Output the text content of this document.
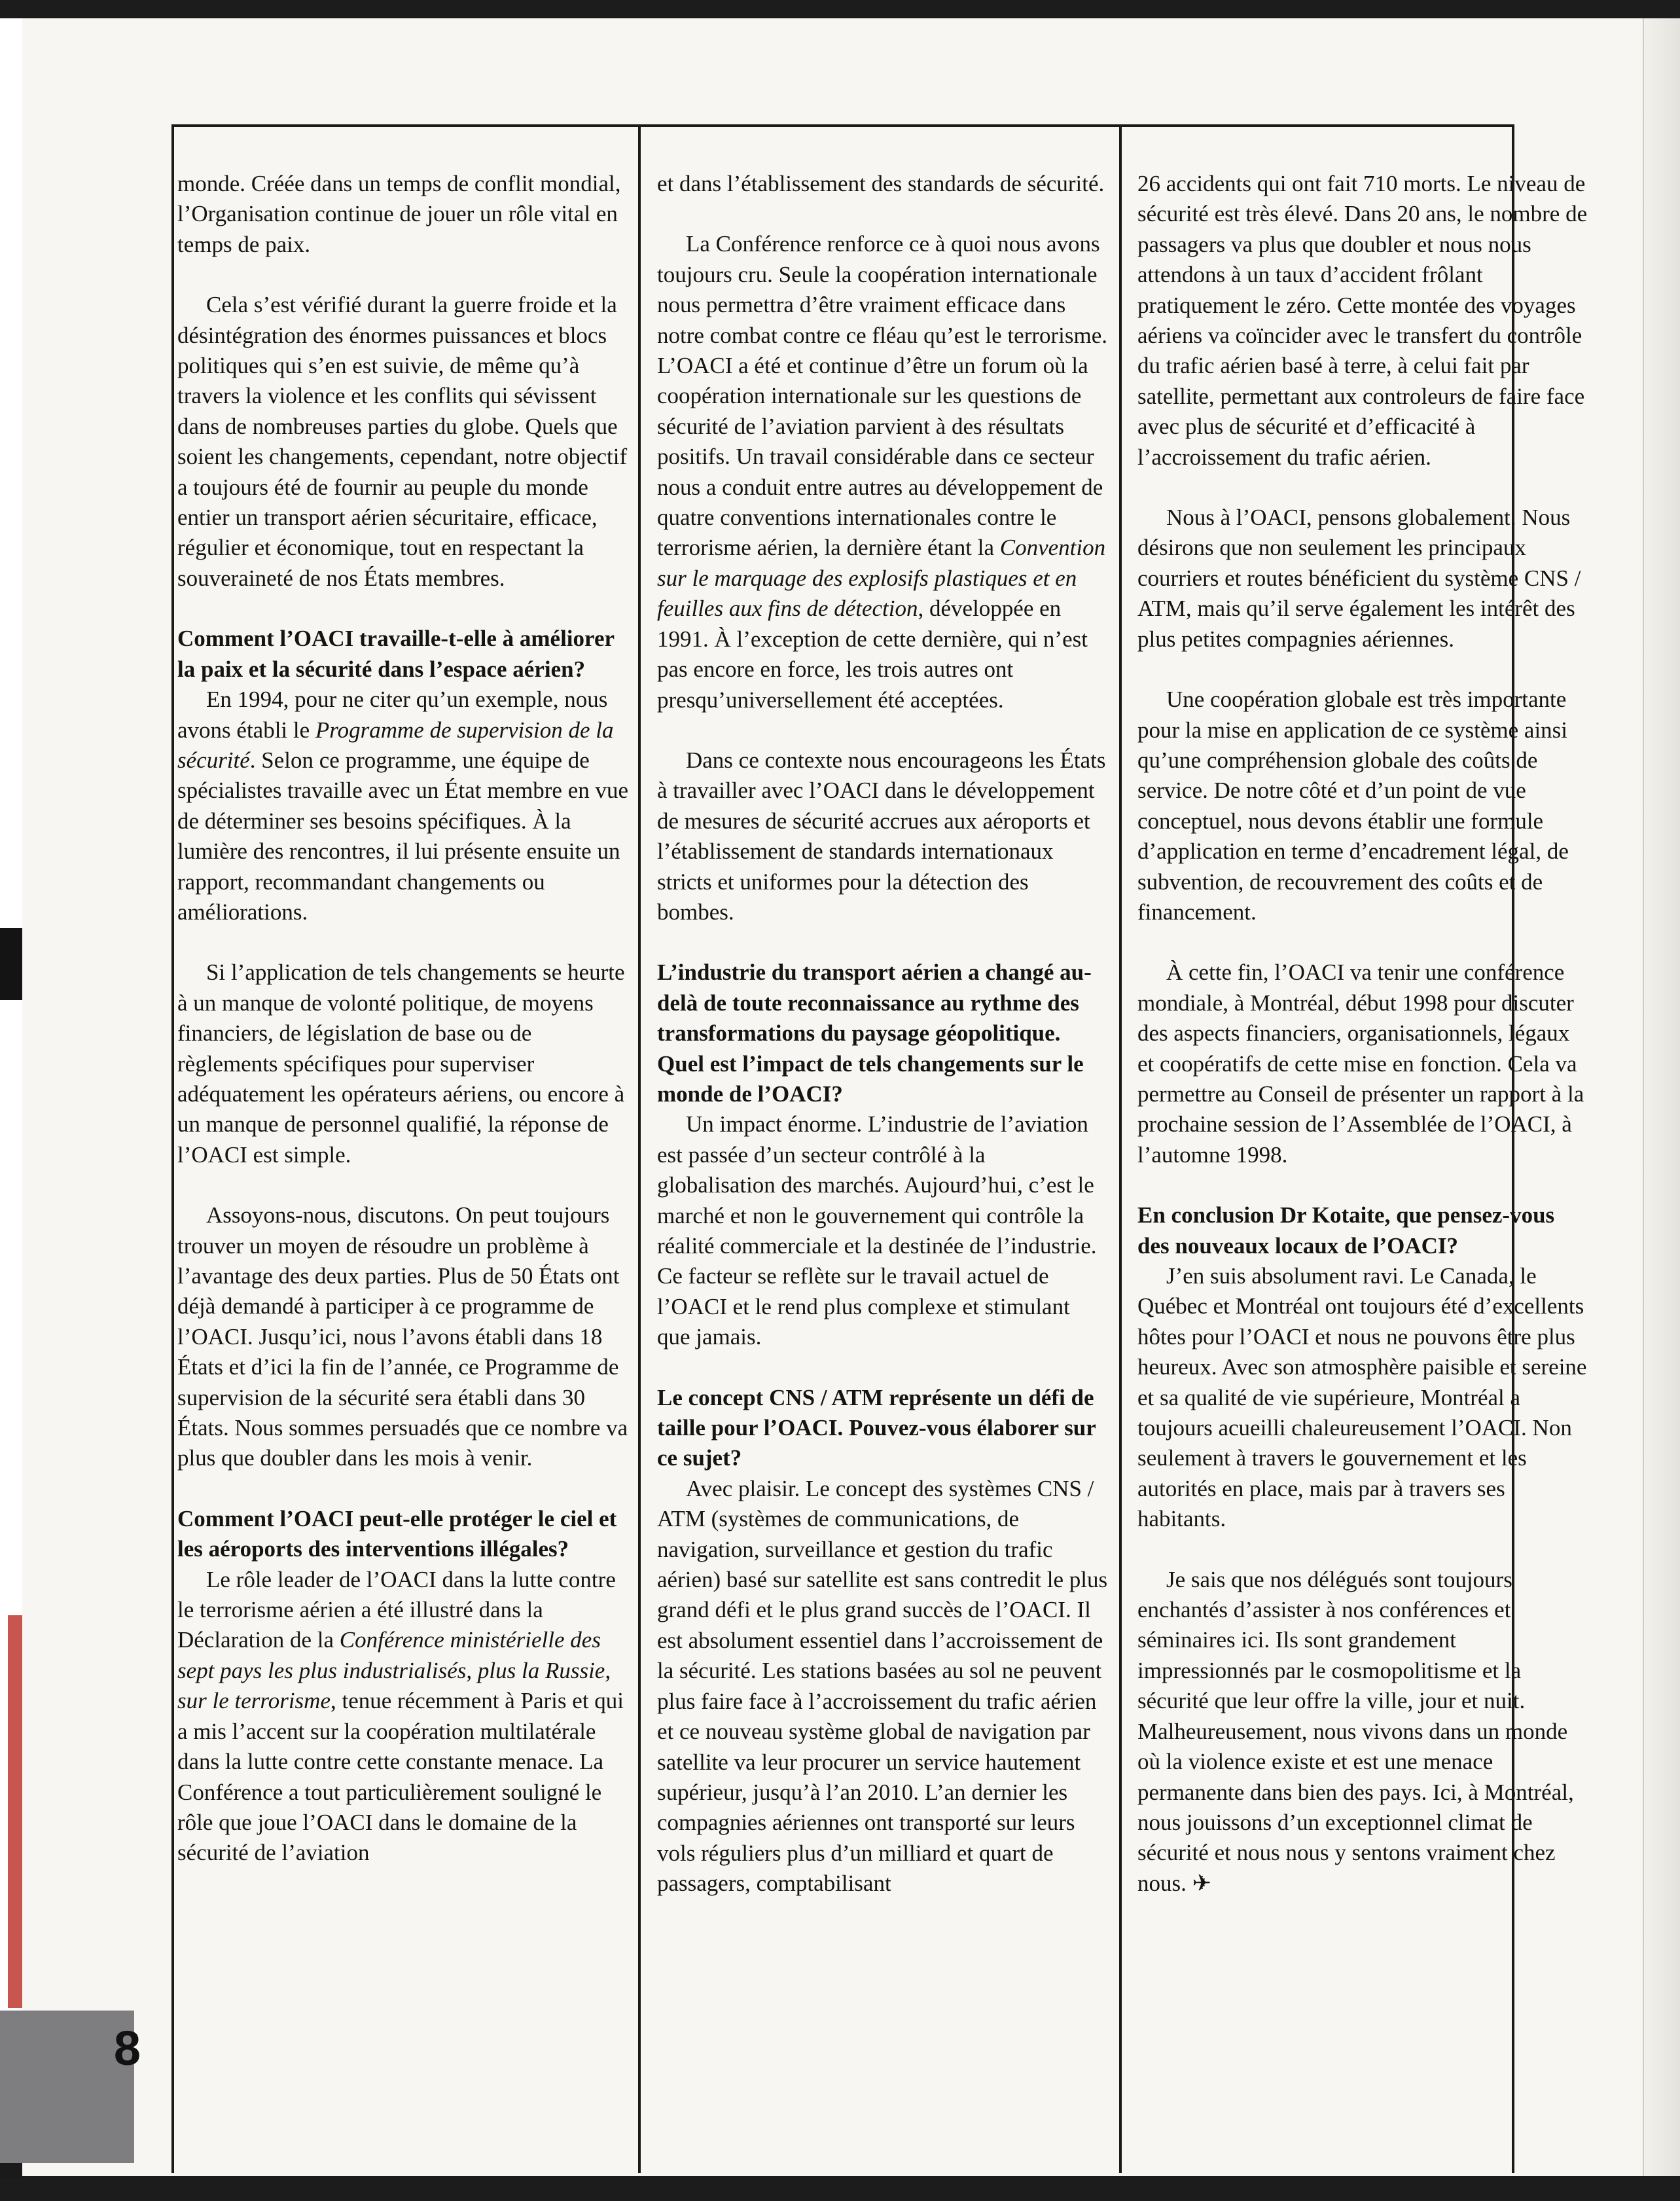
monde. Créée dans un temps de conflit mondial, l’Organisation continue de jouer un rôle vital en temps de paix.

Cela s’est vérifié durant la guerre froide et la désintégration des énormes puissances et blocs politiques qui s’en est suivie, de même qu’à travers la violence et les conflits qui sévissent dans de nombreuses parties du globe. Quels que soient les changements, cependant, notre objectif a toujours été de fournir au peuple du monde entier un transport aérien sécuritaire, efficace, régulier et économique, tout en respectant la souveraineté de nos États membres.

Comment l’OACI travaille-t-elle à améliorer la paix et la sécurité dans l’espace aérien?

En 1994, pour ne citer qu’un exemple, nous avons établi le Programme de supervision de la sécurité. Selon ce programme, une équipe de spécialistes travaille avec un État membre en vue de déterminer ses besoins spécifiques. À la lumière des rencontres, il lui présente ensuite un rapport, recommandant changements ou améliorations.

Si l’application de tels changements se heurte à un manque de volonté politique, de moyens financiers, de législation de base ou de règlements spécifiques pour superviser adéquatement les opérateurs aériens, ou encore à un manque de personnel qualifié, la réponse de l’OACI est simple.

Assoyons-nous, discutons. On peut toujours trouver un moyen de résoudre un problème à l’avantage des deux parties. Plus de 50 États ont déjà demandé à participer à ce programme de l’OACI. Jusqu’ici, nous l’avons établi dans 18 États et d’ici la fin de l’année, ce Programme de supervision de la sécurité sera établi dans 30 États. Nous sommes persuadés que ce nombre va plus que doubler dans les mois à venir.

Comment l’OACI peut-elle protéger le ciel et les aéroports des interventions illégales?

Le rôle leader de l’OACI dans la lutte contre le terrorisme aérien a été illustré dans la Déclaration de la Conférence ministérielle des sept pays les plus industrialisés, plus la Russie, sur le terrorisme, tenue récemment à Paris et qui a mis l’accent sur la coopération multilatérale dans la lutte contre cette constante menace. La Conférence a tout particulièrement souligné le rôle que joue l’OACI dans le domaine de la sécurité de l’aviation

et dans l’établissement des standards de sécurité.

La Conférence renforce ce à quoi nous avons toujours cru. Seule la coopération internationale nous permettra d’être vraiment efficace dans notre combat contre ce fléau qu’est le terrorisme. L’OACI a été et continue d’être un forum où la coopération internationale sur les questions de sécurité de l’aviation parvient à des résultats positifs. Un travail considérable dans ce secteur nous a conduit entre autres au développement de quatre conventions internationales contre le terrorisme aérien, la dernière étant la Convention sur le marquage des explosifs plastiques et en feuilles aux fins de détection, développée en 1991. À l’exception de cette dernière, qui n’est pas encore en force, les trois autres ont presqu’universellement été acceptées.

Dans ce contexte nous encourageons les États à travailler avec l’OACI dans le développement de mesures de sécurité accrues aux aéroports et l’établissement de standards internationaux stricts et uniformes pour la détection des bombes.

L’industrie du transport aérien a changé au-delà de toute reconnaissance au rythme des transformations du paysage géopolitique. Quel est l’impact de tels changements sur le monde de l’OACI?

Un impact énorme. L’industrie de l’aviation est passée d’un secteur contrôlé à la globalisation des marchés. Aujourd’hui, c’est le marché et non le gouvernement qui contrôle la réalité commerciale et la destinée de l’industrie. Ce facteur se reflète sur le travail actuel de l’OACI et le rend plus complexe et stimulant que jamais.

Le concept CNS / ATM représente un défi de taille pour l’OACI. Pouvez-vous élaborer sur ce sujet?

Avec plaisir. Le concept des systèmes CNS / ATM (systèmes de communications, de navigation, surveillance et gestion du trafic aérien) basé sur satellite est sans contredit le plus grand défi et le plus grand succès de l’OACI. Il est absolument essentiel dans l’accroissement de la sécurité. Les stations basées au sol ne peuvent plus faire face à l’accroissement du trafic aérien et ce nouveau système global de navigation par satellite va leur procurer un service hautement supérieur, jusqu’à l’an 2010. L’an dernier les compagnies aériennes ont transporté sur leurs vols réguliers plus d’un milliard et quart de passagers, comptabilisant

26 accidents qui ont fait 710 morts. Le niveau de sécurité est très élevé. Dans 20 ans, le nombre de passagers va plus que doubler et nous nous attendons à un taux d’accident frôlant pratiquement le zéro. Cette montée des voyages aériens va coïncider avec le transfert du contrôle du trafic aérien basé à terre, à celui fait par satellite, permettant aux controleurs de faire face avec plus de sécurité et d’efficacité à l’accroissement du trafic aérien.

Nous à l’OACI, pensons globalement. Nous désirons que non seulement les principaux courriers et routes bénéficient du système CNS / ATM, mais qu’il serve également les intérêt des plus petites compagnies aériennes.

Une coopération globale est très importante pour la mise en application de ce système ainsi qu’une compréhension globale des coûts de service. De notre côté et d’un point de vue conceptuel, nous devons établir une formule d’application en terme d’encadrement légal, de subvention, de recouvrement des coûts et de financement.

À cette fin, l’OACI va tenir une conférence mondiale, à Montréal, début 1998 pour discuter des aspects financiers, organisationnels, légaux et coopératifs de cette mise en fonction. Cela va permettre au Conseil de présenter un rapport à la prochaine session de l’Assemblée de l’OACI, à l’automne 1998.

En conclusion Dr Kotaite, que pensez-vous des nouveaux locaux de l’OACI?

J’en suis absolument ravi. Le Canada, le Québec et Montréal ont toujours été d’excellents hôtes pour l’OACI et nous ne pouvons être plus heureux. Avec son atmosphère paisible et sereine et sa qualité de vie supérieure, Montréal a toujours acueilli chaleureusement l’OACI. Non seulement à travers le gouvernement et les autorités en place, mais par à travers ses habitants.

Je sais que nos délégués sont toujours enchantés d’assister à nos conférences et séminaires ici. Ils sont grandement impressionnés par le cosmopolitisme et la sécurité que leur offre la ville, jour et nuit. Malheureusement, nous vivons dans un monde où la violence existe et est une menace permanente dans bien des pays. Ici, à Montréal, nous jouissons d’un exceptionnel climat de sécurité et nous nous y sentons vraiment chez nous. ✈

8
